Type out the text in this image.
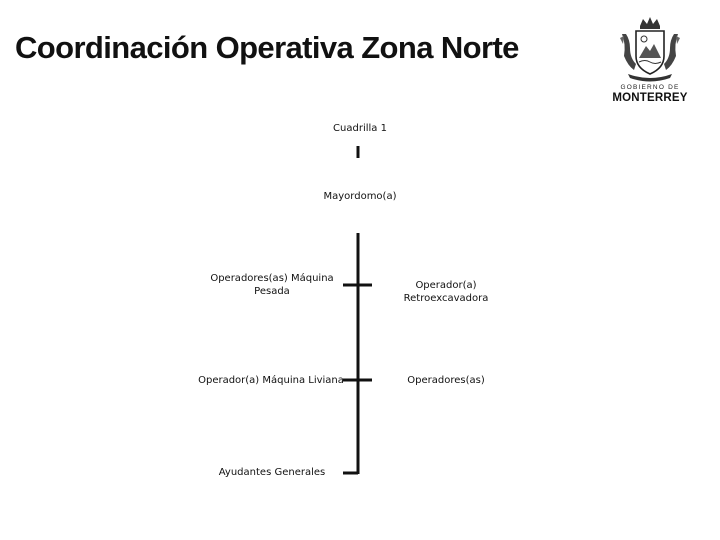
Coordinación Operativa Zona Norte
GOBIERNO DE
MONTERREY
Cuadrilla 1
Mayordomo(a)
Operadores(as) Máquina Pesada
Operador(a) Máquina Liviana
Ayudantes Generales
Operador(a) Retroexcavadora
Operadores(as)
